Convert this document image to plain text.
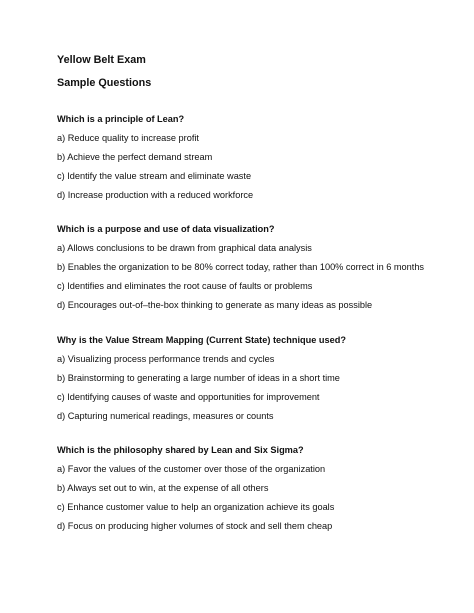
Yellow Belt Exam
Sample Questions
Which is a principle of Lean?
a) Reduce quality to increase profit
b) Achieve the perfect demand stream
c) Identify the value stream and eliminate waste
d) Increase production with a reduced workforce
Which is a purpose and use of data visualization?
a) Allows conclusions to be drawn from graphical data analysis
b) Enables the organization to be 80% correct today, rather than 100% correct in 6 months
c) Identifies and eliminates the root cause of faults or problems
d) Encourages out-of–the-box thinking to generate as many ideas as possible
Why is the Value Stream Mapping (Current State) technique used?
a) Visualizing process performance trends and cycles
b) Brainstorming to generating a large number of ideas in a short time
c) Identifying causes of waste and opportunities for improvement
d) Capturing numerical readings, measures or counts
Which is the philosophy shared by Lean and Six Sigma?
a) Favor the values of the customer over those of the organization
b) Always set out to win, at the expense of all others
c) Enhance customer value to help an organization achieve its goals
d) Focus on producing higher volumes of stock and sell them cheap
